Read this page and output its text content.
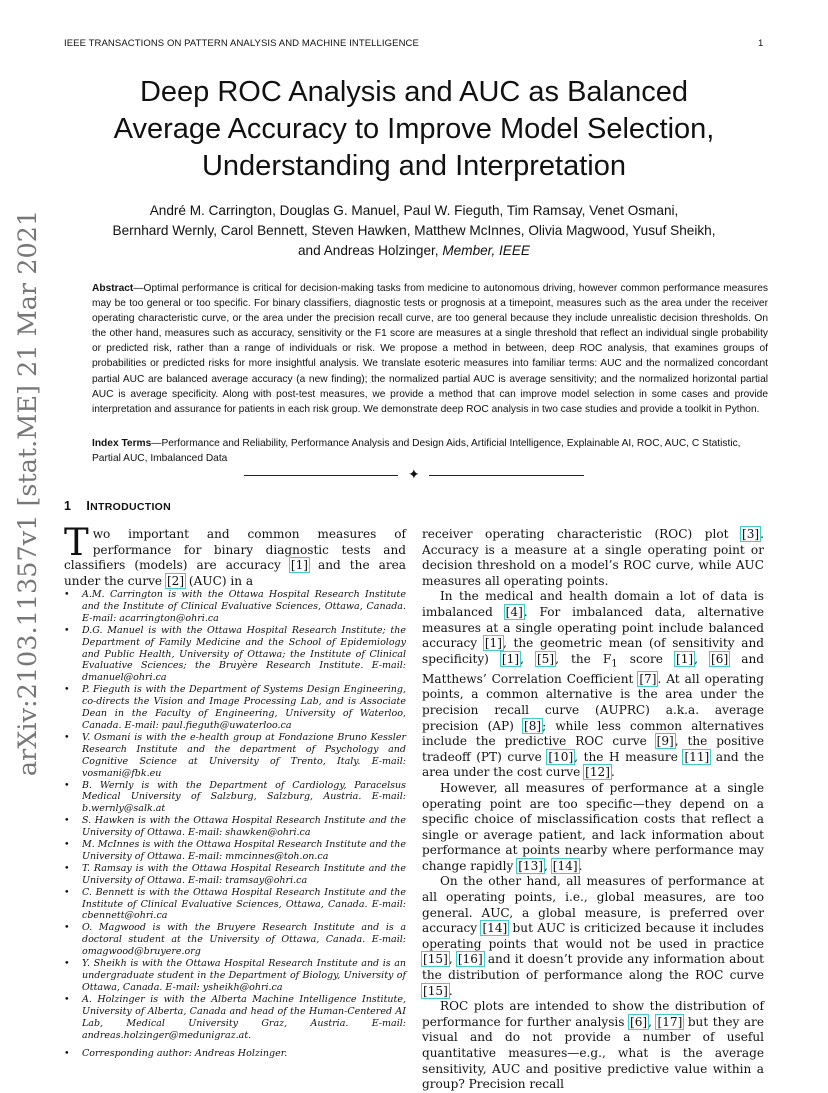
IEEE TRANSACTIONS ON PATTERN ANALYSIS AND MACHINE INTELLIGENCE	1
arXiv:2103.11357v1 [stat.ME] 21 Mar 2021
Deep ROC Analysis and AUC as Balanced
Average Accuracy to Improve Model Selection,
Understanding and Interpretation
André M. Carrington, Douglas G. Manuel, Paul W. Fieguth, Tim Ramsay, Venet Osmani,
Bernhard Wernly, Carol Bennett, Steven Hawken, Matthew McInnes, Olivia Magwood, Yusuf Sheikh,
and Andreas Holzinger, Member, IEEE
Abstract—Optimal performance is critical for decision-making tasks from medicine to autonomous driving, however common performance measures may be too general or too specific. For binary classifiers, diagnostic tests or prognosis at a timepoint, measures such as the area under the receiver operating characteristic curve, or the area under the precision recall curve, are too general because they include unrealistic decision thresholds. On the other hand, measures such as accuracy, sensitivity or the F1 score are measures at a single threshold that reflect an individual single probability or predicted risk, rather than a range of individuals or risk. We propose a method in between, deep ROC analysis, that examines groups of probabilities or predicted risks for more insightful analysis. We translate esoteric measures into familiar terms: AUC and the normalized concordant partial AUC are balanced average accuracy (a new finding); the normalized partial AUC is average sensitivity; and the normalized horizontal partial AUC is average specificity. Along with post-test measures, we provide a method that can improve model selection in some cases and provide interpretation and assurance for patients in each risk group. We demonstrate deep ROC analysis in two case studies and provide a toolkit in Python.
Index Terms—Performance and Reliability, Performance Analysis and Design Aids, Artificial Intelligence, Explainable AI, ROC, AUC, C Statistic, Partial AUC, Imbalanced Data
✦
1 INTRODUCTION

Two important and common measures of performance for binary diagnostic tests and classifiers (models) are accuracy [1] and the area under the curve [2] (AUC) in a

• A.M. Carrington is with the Ottawa Hospital Research Institute and the Institute of Clinical Evaluative Sciences, Ottawa, Canada. E-mail: acarrington@ohri.ca
• D.G. Manuel is with the Ottawa Hospital Research Institute; the Department of Family Medicine and the School of Epidemiology and Public Health, University of Ottawa; the Institute of Clinical Evaluative Sciences; the Bruyère Research Institute. E-mail: dmanuel@ohri.ca
• P. Fieguth is with the Department of Systems Design Engineering, co-directs the Vision and Image Processing Lab, and is Associate Dean in the Faculty of Engineering, University of Waterloo, Canada. E-mail: paul.fieguth@uwaterloo.ca
• V. Osmani is with the e-health group at Fondazione Bruno Kessler Research Institute and the department of Psychology and Cognitive Science at University of Trento, Italy. E-mail: vosmani@fbk.eu
• B. Wernly is with the Department of Cardiology, Paracelsus Medical University of Salzburg, Salzburg, Austria. E-mail: b.wernly@salk.at
• S. Hawken is with the Ottawa Hospital Research Institute and the University of Ottawa. E-mail: shawken@ohri.ca
• M. McInnes is with the Ottawa Hospital Research Institute and the University of Ottawa. E-mail: mmcinnes@toh.on.ca
• T. Ramsay is with the Ottawa Hospital Research Institute and the University of Ottawa. E-mail: tramsay@ohri.ca
• C. Bennett is with the Ottawa Hospital Research Institute and the Institute of Clinical Evaluative Sciences, Ottawa, Canada. E-mail: cbennett@ohri.ca
• O. Magwood is with the Bruyere Research Institute and is a doctoral student at the University of Ottawa, Canada. E-mail: omagwood@bruyere.org
• Y. Sheikh is with the Ottawa Hospital Research Institute and is an undergraduate student in the Department of Biology, University of Ottawa, Canada. E-mail: ysheikh@ohri.ca
• A. Holzinger is with the Alberta Machine Intelligence Institute, University of Alberta, Canada and head of the Human-Centered AI Lab, Medical University Graz, Austria. E-mail: andreas.holzinger@medunigraz.at.
• Corresponding author: Andreas Holzinger.

receiver operating characteristic (ROC) plot [3]. Accuracy is a measure at a single operating point or decision threshold on a model’s ROC curve, while AUC measures all operating points.

In the medical and health domain a lot of data is imbalanced [4]. For imbalanced data, alternative measures at a single operating point include balanced accuracy [1], the geometric mean (of sensitivity and specificity) [1], [5], the $F_1$ score [1], [6] and Matthews’ Correlation Coefficient [7]. At all operating points, a common alternative is the area under the precision recall curve (AUPRC) a.k.a. average precision (AP) [8]; while less common alternatives include the predictive ROC curve [9], the positive tradeoff (PT) curve [10], the H measure [11] and the area under the cost curve [12].

However, all measures of performance at a single operating point are too specific—they depend on a specific choice of misclassification costs that reflect a single or average patient, and lack information about performance at points nearby where performance may change rapidly [13], [14].

On the other hand, all measures of performance at all operating points, i.e., global measures, are too general. AUC, a global measure, is preferred over accuracy [14] but AUC is criticized because it includes operating points that would not be used in practice [15], [16] and it doesn’t provide any information about the distribution of performance along the ROC curve [15].

ROC plots are intended to show the distribution of performance for further analysis [6], [17] but they are visual and do not provide a number of useful quantitative measures—e.g., what is the average sensitivity, AUC and positive predictive value within a group? Precision recall
